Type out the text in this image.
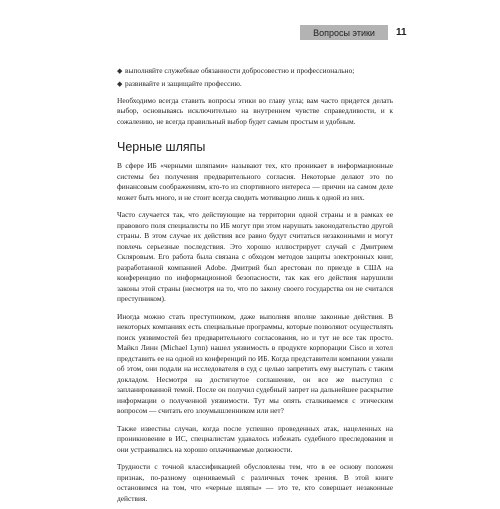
Вопросы этики 11
◆ выполняйте служебные обязанности добросовестно и профессионально;
◆ развивайте и защищайте профессию.

Необходимо всегда ставить вопросы этики во главу угла; вам часто придется делать выбор, основываясь исключительно на внутреннем чувстве справедливости, и к сожалению, не всегда правильный выбор будет самым простым и удобным.

Черные шляпы

В сфере ИБ «черными шляпами» называют тех, кто проникает в информационные системы без получения предварительного согласия. Некоторые делают это по финансовым соображениям, кто-то из спортивного интереса — причин на самом деле может быть много, и не стоит всегда сводить мотивацию лишь к одной из них.

Часто случается так, что действующие на территории одной страны и в рамках ее правового поля специалисты по ИБ могут при этом нарушать законодательство другой страны. В этом случае их действия все равно будут считаться незаконными и могут повлечь серьезные последствия. Это хорошо иллюстрирует случай с Дмитрием Скляровым. Его работа была связана с обходом методов защиты электронных книг, разработанной компанией Adobe. Дмитрий был арестован по приезде в США на конференцию по информационной безопасности, так как его действия нарушили законы этой страны (несмотря на то, что по закону своего государства он не считался преступником).

Иногда можно стать преступником, даже выполняя вполне законные действия. В некоторых компаниях есть специальные программы, которые позволяют осуществлять поиск уязвимостей без предварительного согласования, но и тут не все так просто. Майкл Линн (Michael Lynn) нашел уязвимость в продукте корпорации Cisco и хотел представить ее на одной из конференций по ИБ. Когда представители компании узнали об этом, они подали на исследователя в суд с целью запретить ему выступать с таким докладом. Несмотря на достигнутое соглашение, он все же выступил с запланированной темой. После он получил судебный запрет на дальнейшее раскрытие информации о полученной уязвимости. Тут мы опять сталкиваемся с этическим вопросом — считать его злоумышленником или нет?

Также известны случаи, когда после успешно проведенных атак, нацеленных на проникновение в ИС, специалистам удавалось избежать судебного преследования и они устраивались на хорошо оплачиваемые должности.

Трудности с точной классификацией обусловлены тем, что в ее основу положен признак, по-разному оцениваемый с различных точек зрения. В этой книге остановимся на том, что «черные шляпы» — это те, кто совершает незаконные действия.
